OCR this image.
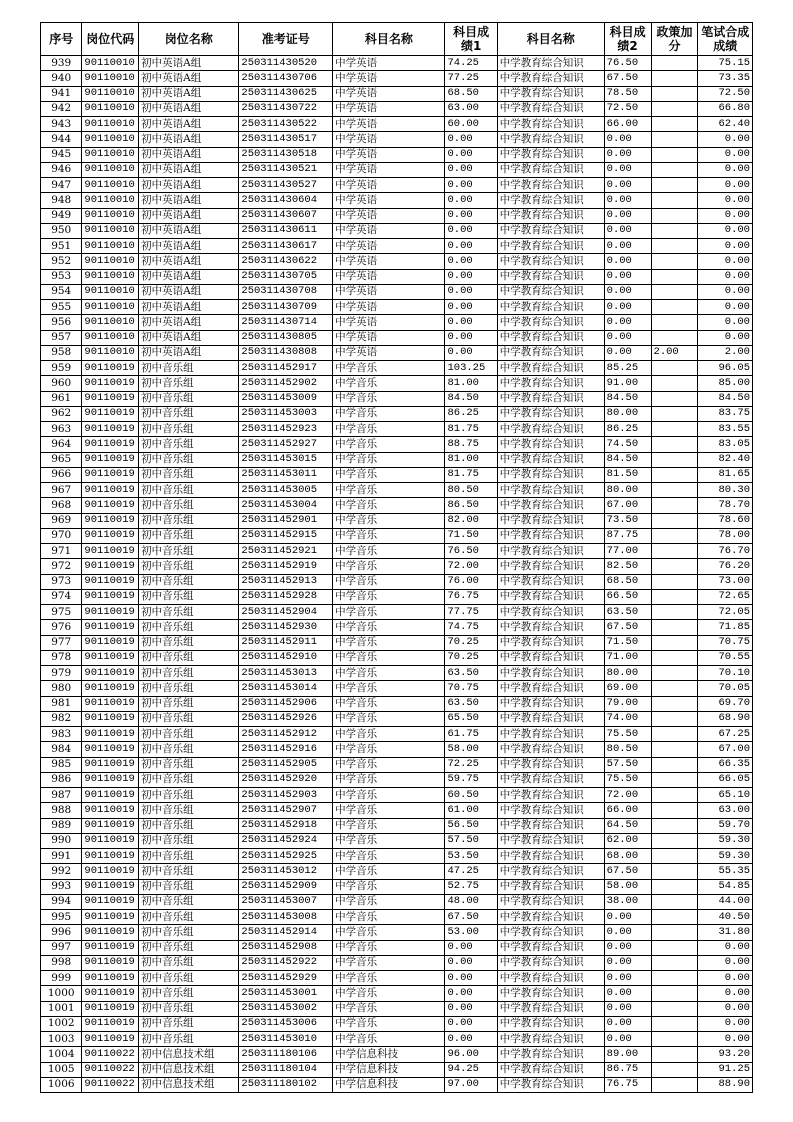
序号	岗位代码	岗位名称	准考证号	科目名称	科目成绩1	科目名称	科目成绩2	政策加分	笔试合成成绩
939	90110010	初中英语A组	250311430520	中学英语	74.25	中学教育综合知识	76.50		75.15
940	90110010	初中英语A组	250311430706	中学英语	77.25	中学教育综合知识	67.50		73.35
941	90110010	初中英语A组	250311430625	中学英语	68.50	中学教育综合知识	78.50		72.50
942	90110010	初中英语A组	250311430722	中学英语	63.00	中学教育综合知识	72.50		66.80
943	90110010	初中英语A组	250311430522	中学英语	60.00	中学教育综合知识	66.00		62.40
944	90110010	初中英语A组	250311430517	中学英语	0.00	中学教育综合知识	0.00		0.00
945	90110010	初中英语A组	250311430518	中学英语	0.00	中学教育综合知识	0.00		0.00
946	90110010	初中英语A组	250311430521	中学英语	0.00	中学教育综合知识	0.00		0.00
947	90110010	初中英语A组	250311430527	中学英语	0.00	中学教育综合知识	0.00		0.00
948	90110010	初中英语A组	250311430604	中学英语	0.00	中学教育综合知识	0.00		0.00
949	90110010	初中英语A组	250311430607	中学英语	0.00	中学教育综合知识	0.00		0.00
950	90110010	初中英语A组	250311430611	中学英语	0.00	中学教育综合知识	0.00		0.00
951	90110010	初中英语A组	250311430617	中学英语	0.00	中学教育综合知识	0.00		0.00
952	90110010	初中英语A组	250311430622	中学英语	0.00	中学教育综合知识	0.00		0.00
953	90110010	初中英语A组	250311430705	中学英语	0.00	中学教育综合知识	0.00		0.00
954	90110010	初中英语A组	250311430708	中学英语	0.00	中学教育综合知识	0.00		0.00
955	90110010	初中英语A组	250311430709	中学英语	0.00	中学教育综合知识	0.00		0.00
956	90110010	初中英语A组	250311430714	中学英语	0.00	中学教育综合知识	0.00		0.00
957	90110010	初中英语A组	250311430805	中学英语	0.00	中学教育综合知识	0.00		0.00
958	90110010	初中英语A组	250311430808	中学英语	0.00	中学教育综合知识	0.00	2.00	2.00
959	90110019	初中音乐组	250311452917	中学音乐	103.25	中学教育综合知识	85.25		96.05
960	90110019	初中音乐组	250311452902	中学音乐	81.00	中学教育综合知识	91.00		85.00
961	90110019	初中音乐组	250311453009	中学音乐	84.50	中学教育综合知识	84.50		84.50
962	90110019	初中音乐组	250311453003	中学音乐	86.25	中学教育综合知识	80.00		83.75
963	90110019	初中音乐组	250311452923	中学音乐	81.75	中学教育综合知识	86.25		83.55
964	90110019	初中音乐组	250311452927	中学音乐	88.75	中学教育综合知识	74.50		83.05
965	90110019	初中音乐组	250311453015	中学音乐	81.00	中学教育综合知识	84.50		82.40
966	90110019	初中音乐组	250311453011	中学音乐	81.75	中学教育综合知识	81.50		81.65
967	90110019	初中音乐组	250311453005	中学音乐	80.50	中学教育综合知识	80.00		80.30
968	90110019	初中音乐组	250311453004	中学音乐	86.50	中学教育综合知识	67.00		78.70
969	90110019	初中音乐组	250311452901	中学音乐	82.00	中学教育综合知识	73.50		78.60
970	90110019	初中音乐组	250311452915	中学音乐	71.50	中学教育综合知识	87.75		78.00
971	90110019	初中音乐组	250311452921	中学音乐	76.50	中学教育综合知识	77.00		76.70
972	90110019	初中音乐组	250311452919	中学音乐	72.00	中学教育综合知识	82.50		76.20
973	90110019	初中音乐组	250311452913	中学音乐	76.00	中学教育综合知识	68.50		73.00
974	90110019	初中音乐组	250311452928	中学音乐	76.75	中学教育综合知识	66.50		72.65
975	90110019	初中音乐组	250311452904	中学音乐	77.75	中学教育综合知识	63.50		72.05
976	90110019	初中音乐组	250311452930	中学音乐	74.75	中学教育综合知识	67.50		71.85
977	90110019	初中音乐组	250311452911	中学音乐	70.25	中学教育综合知识	71.50		70.75
978	90110019	初中音乐组	250311452910	中学音乐	70.25	中学教育综合知识	71.00		70.55
979	90110019	初中音乐组	250311453013	中学音乐	63.50	中学教育综合知识	80.00		70.10
980	90110019	初中音乐组	250311453014	中学音乐	70.75	中学教育综合知识	69.00		70.05
981	90110019	初中音乐组	250311452906	中学音乐	63.50	中学教育综合知识	79.00		69.70
982	90110019	初中音乐组	250311452926	中学音乐	65.50	中学教育综合知识	74.00		68.90
983	90110019	初中音乐组	250311452912	中学音乐	61.75	中学教育综合知识	75.50		67.25
984	90110019	初中音乐组	250311452916	中学音乐	58.00	中学教育综合知识	80.50		67.00
985	90110019	初中音乐组	250311452905	中学音乐	72.25	中学教育综合知识	57.50		66.35
986	90110019	初中音乐组	250311452920	中学音乐	59.75	中学教育综合知识	75.50		66.05
987	90110019	初中音乐组	250311452903	中学音乐	60.50	中学教育综合知识	72.00		65.10
988	90110019	初中音乐组	250311452907	中学音乐	61.00	中学教育综合知识	66.00		63.00
989	90110019	初中音乐组	250311452918	中学音乐	56.50	中学教育综合知识	64.50		59.70
990	90110019	初中音乐组	250311452924	中学音乐	57.50	中学教育综合知识	62.00		59.30
991	90110019	初中音乐组	250311452925	中学音乐	53.50	中学教育综合知识	68.00		59.30
992	90110019	初中音乐组	250311453012	中学音乐	47.25	中学教育综合知识	67.50		55.35
993	90110019	初中音乐组	250311452909	中学音乐	52.75	中学教育综合知识	58.00		54.85
994	90110019	初中音乐组	250311453007	中学音乐	48.00	中学教育综合知识	38.00		44.00
995	90110019	初中音乐组	250311453008	中学音乐	67.50	中学教育综合知识	0.00		40.50
996	90110019	初中音乐组	250311452914	中学音乐	53.00	中学教育综合知识	0.00		31.80
997	90110019	初中音乐组	250311452908	中学音乐	0.00	中学教育综合知识	0.00		0.00
998	90110019	初中音乐组	250311452922	中学音乐	0.00	中学教育综合知识	0.00		0.00
999	90110019	初中音乐组	250311452929	中学音乐	0.00	中学教育综合知识	0.00		0.00
1000	90110019	初中音乐组	250311453001	中学音乐	0.00	中学教育综合知识	0.00		0.00
1001	90110019	初中音乐组	250311453002	中学音乐	0.00	中学教育综合知识	0.00		0.00
1002	90110019	初中音乐组	250311453006	中学音乐	0.00	中学教育综合知识	0.00		0.00
1003	90110019	初中音乐组	250311453010	中学音乐	0.00	中学教育综合知识	0.00		0.00
1004	90110022	初中信息技术组	250311180106	中学信息科技	96.00	中学教育综合知识	89.00		93.20
1005	90110022	初中信息技术组	250311180104	中学信息科技	94.25	中学教育综合知识	86.75		91.25
1006	90110022	初中信息技术组	250311180102	中学信息科技	97.00	中学教育综合知识	76.75		88.90
